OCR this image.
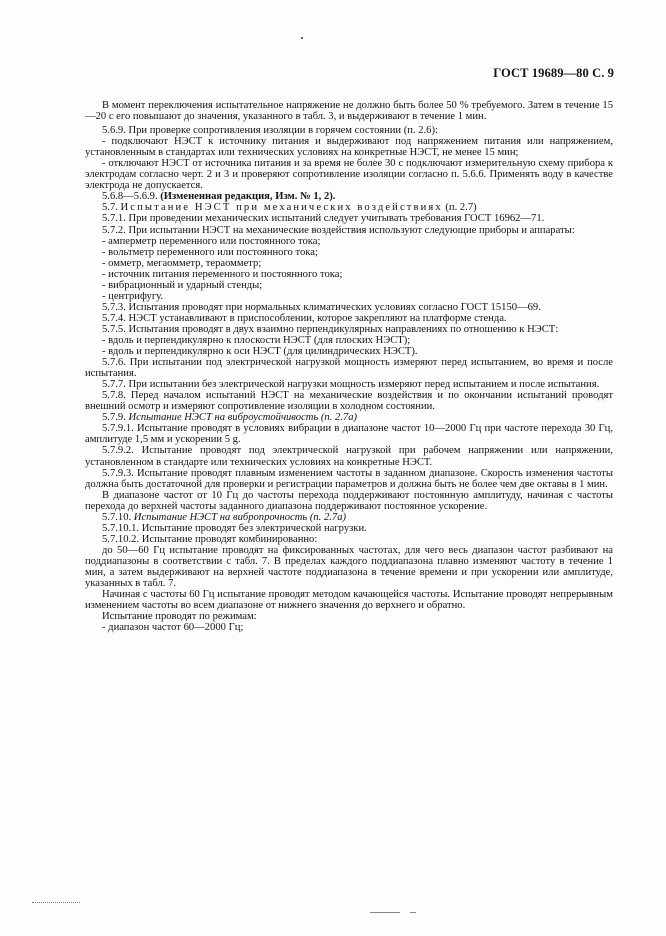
ГОСТ 19689—80 С. 9

В момент переключения испытательное напряжение не должно быть более 50 % требуемого. Затем в течение 15—20 с его повышают до значения, указанного в табл. 3, и выдерживают в течение 1 мин.

5.6.9. При проверке сопротивления изоляции в горячем состоянии (п. 2.6):

- подключают НЭСТ к источнику питания и выдерживают под напряжением питания или напряжением, установленным в стандартах или технических условиях на конкретные НЭСТ, не менее 15 мин;

- отключают НЭСТ от источника питания и за время не более 30 с подключают измерительную схему прибора к электродам согласно черт. 2 и 3 и проверяют сопротивление изоляции согласно п. 5.6.6. Применять воду в качестве электрода не допускается.

5.6.8—5.6.9. (Измененная редакция, Изм. № 1, 2).

5.7. Испытание НЭСТ при механических воздействиях (п. 2.7)

5.7.1. При проведении механических испытаний следует учитывать требования ГОСТ 16962—71.

5.7.2. При испытании НЭСТ на механические воздействия используют следующие приборы и аппараты:

- амперметр переменного или постоянного тока;

- вольтметр переменного или постоянного тока;

- омметр, мегаомметр, тераомметр;

- источник питания переменного и постоянного тока;

- вибрационный и ударный стенды;

- центрифугу.

5.7.3. Испытания проводят при нормальных климатических условиях согласно ГОСТ 15150—69.

5.7.4. НЭСТ устанавливают в приспособлении, которое закрепляют на платформе стенда.

5.7.5. Испытания проводят в двух взаимно перпендикулярных направлениях по отношению к НЭСТ:

- вдоль и перпендикулярно к плоскости НЭСТ (для плоских НЭСТ);

- вдоль и перпендикулярно к оси НЭСТ (для цилиндрических НЭСТ).

5.7.6. При испытании под электрической нагрузкой мощность измеряют перед испытанием, во время и после испытания.

5.7.7. При испытании без электрической нагрузки мощность измеряют перед испытанием и после испытания.

5.7.8. Перед началом испытаний НЭСТ на механические воздействия и по окончании испытаний проводят внешний осмотр и измеряют сопротивление изоляции в холодном состоянии.

5.7.9. Испытание НЭСТ на виброустойчивость (п. 2.7а)

5.7.9.1. Испытание проводят в условиях вибрации в диапазоне частот 10—2000 Гц при частоте перехода 30 Гц, амплитуде 1,5 мм и ускорении 5 g.

5.7.9.2. Испытание проводят под электрической нагрузкой при рабочем напряжении или напряжении, установленном в стандарте или технических условиях на конкретные НЭСТ.

5.7.9.3. Испытание проводят плавным изменением частоты в заданном диапазоне. Скорость изменения частоты должна быть достаточной для проверки и регистрации параметров и должна быть не более чем две октавы в 1 мин.

В диапазоне частот от 10 Гц до частоты перехода поддерживают постоянную амплитуду, начиная с частоты перехода до верхней частоты заданного диапазона поддерживают постоянное ускорение.

5.7.10. Испытание НЭСТ на вибропрочность (п. 2.7а)

5.7.10.1. Испытание проводят без электрической нагрузки.

5.7.10.2. Испытание проводят комбинированно:

до 50—60 Гц испытание проводят на фиксированных частотах, для чего весь диапазон частот разбивают на поддиапазоны в соответствии с табл. 7. В пределах каждого поддиапазона плавно изменяют частоту в течение 1 мин, а затем выдерживают на верхней частоте поддиапазона в течение времени и при ускорении или амплитуде, указанных в табл. 7.

Начиная с частоты 60 Гц испытание проводят методом качающейся частоты. Испытание проводят непрерывным изменением частоты во всем диапазоне от нижнего значения до верхнего и обратно.

Испытание проводят по режимам:

- диапазон частот 60—2000 Гц;
